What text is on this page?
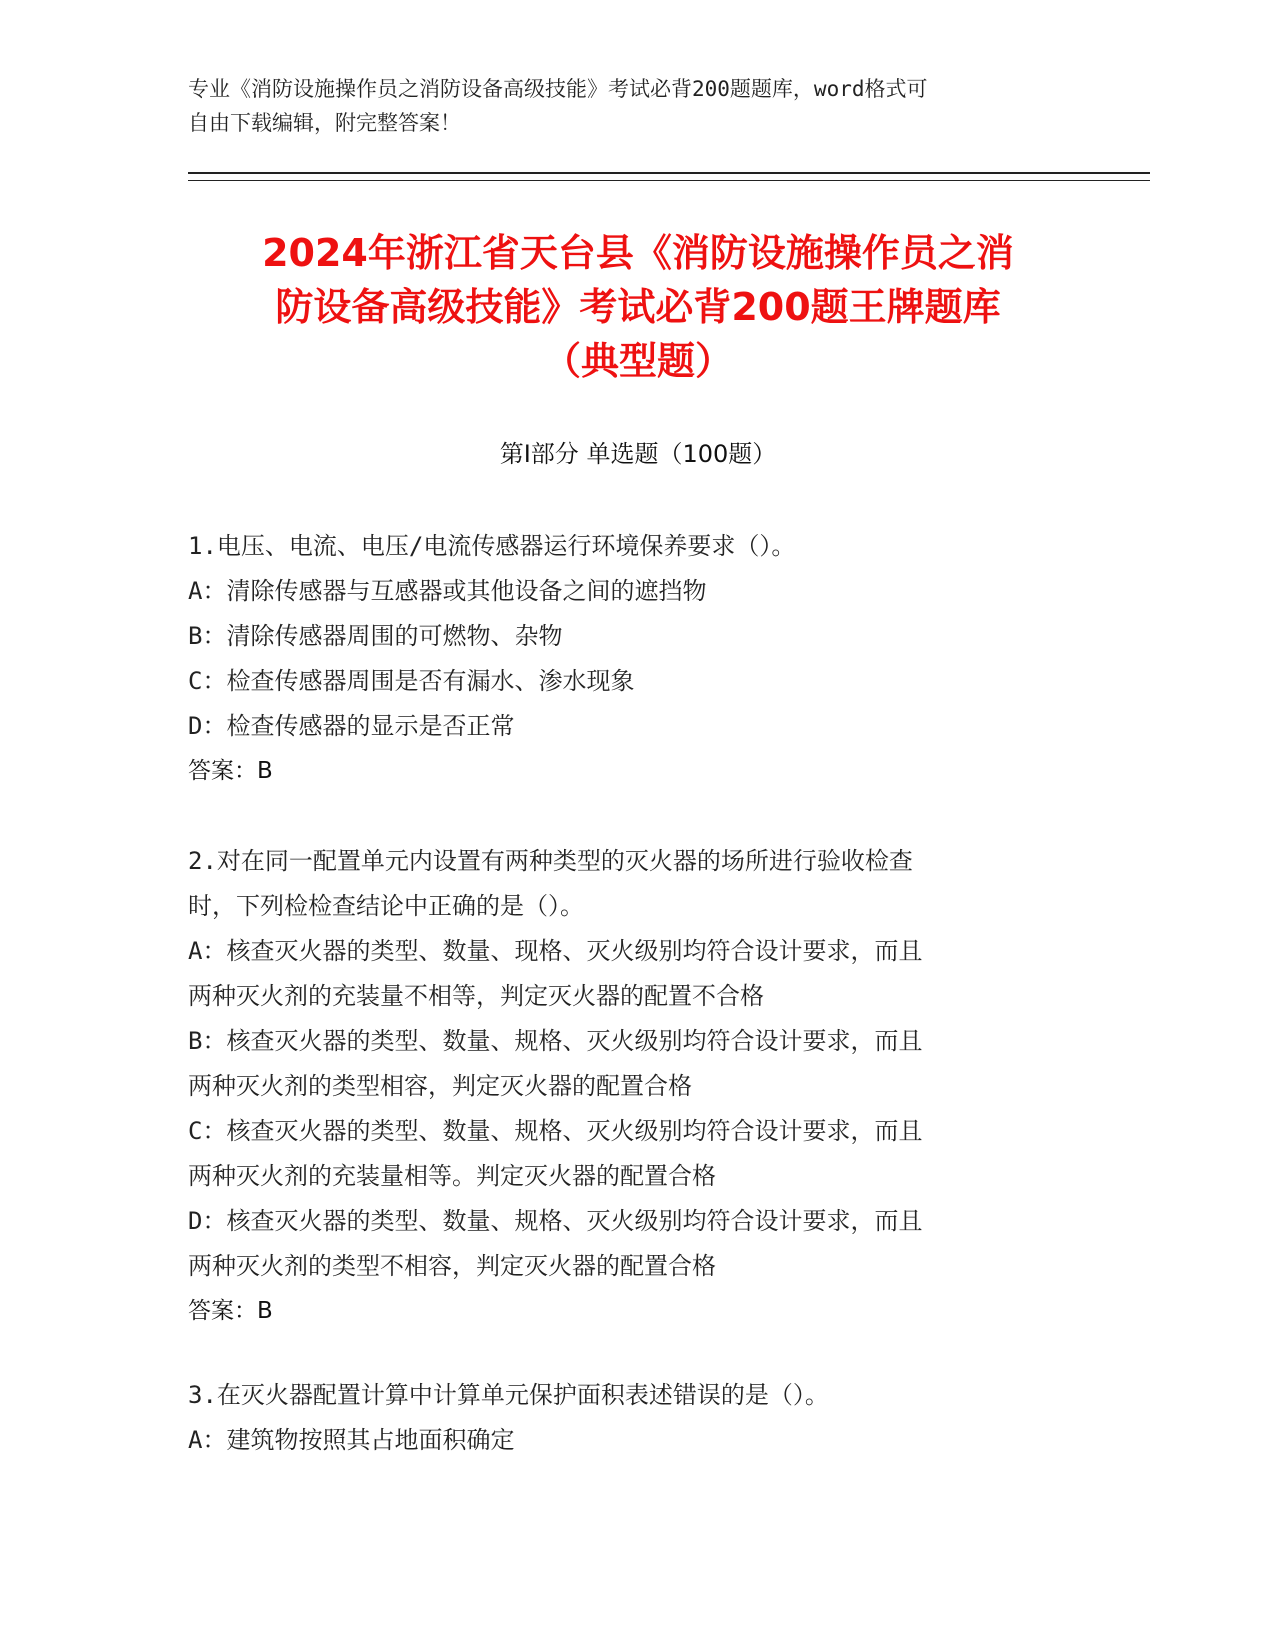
专业《消防设施操作员之消防设备高级技能》考试必背200题题库，word格式可
自由下载编辑，附完整答案！
2024年浙江省天台县《消防设施操作员之消
防设备高级技能》考试必背200题王牌题库
（典型题）
第Ⅰ部分 单选题（100题）
1.电压、电流、电压/电流传感器运行环境保养要求（）。
A：清除传感器与互感器或其他设备之间的遮挡物
B：清除传感器周围的可燃物、杂物
C：检查传感器周围是否有漏水、渗水现象
D：检查传感器的显示是否正常
答案：B
2.对在同一配置单元内设置有两种类型的灭火器的场所进行验收检查
时，下列检检查结论中正确的是（）。
A：核查灭火器的类型、数量、现格、灭火级别均符合设计要求，而且
两种灭火剂的充装量不相等，判定灭火器的配置不合格
B：核查灭火器的类型、数量、规格、灭火级别均符合设计要求，而且
两种灭火剂的类型相容，判定灭火器的配置合格
C：核查灭火器的类型、数量、规格、灭火级别均符合设计要求，而且
两种灭火剂的充装量相等。判定灭火器的配置合格
D：核查灭火器的类型、数量、规格、灭火级别均符合设计要求，而且
两种灭火剂的类型不相容，判定灭火器的配置合格
答案：B
3.在灭火器配置计算中计算单元保护面积表述错误的是（）。
A：建筑物按照其占地面积确定
